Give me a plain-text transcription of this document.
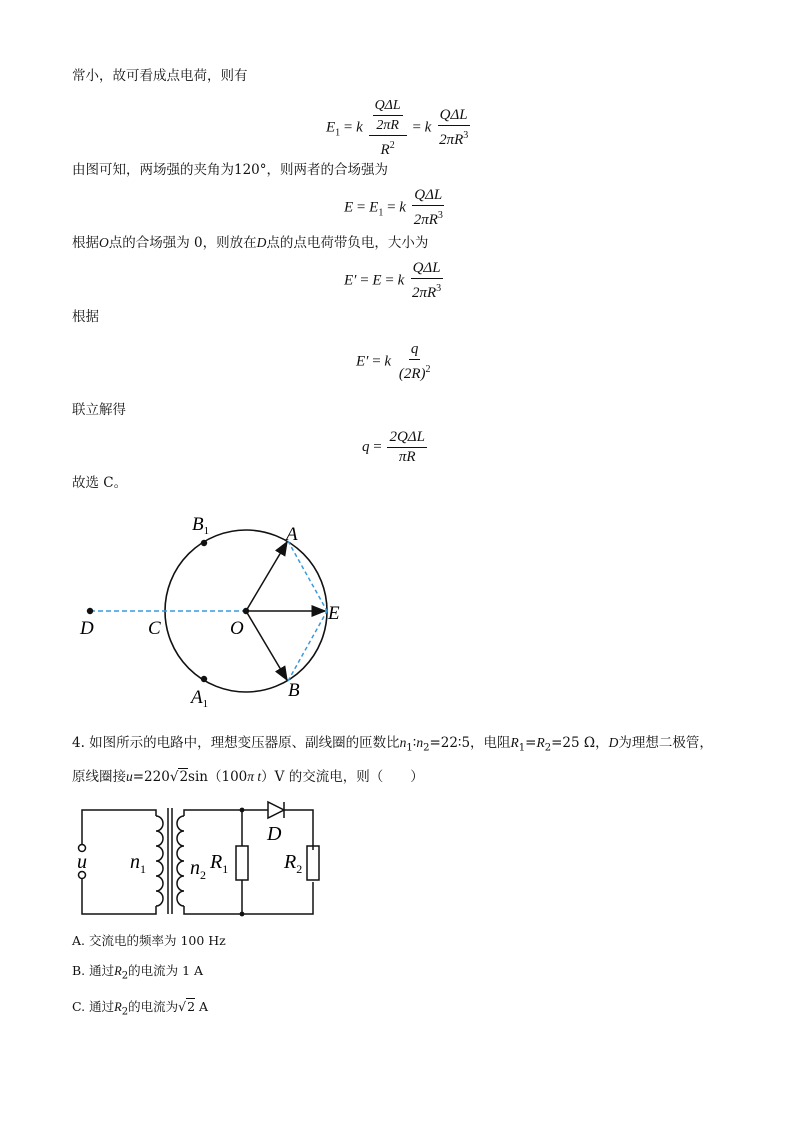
常小，故可看成点电荷，则有
$E_1 = k$
QΔL
2πR
$R^2$
= k
QΔL
$2\pi R^3$
由图可知，两场强的夹角为120°，则两者的合场强为
$E = E_1 = k$
QΔL
$2\pi R^3$
根据O点的合场强为 0，则放在D点的点电荷带负电，大小为
E′ = E = k
QΔL
$2\pi R^3$
根据
E′ = k $\frac{q}{(2R)^2}$
联立解得
q =
2QΔL
πR
故选 C。
$B_1$	A
D	C	O
E
B
$A_1$
4. 如图所示的电路中，理想变压器原、副线圈的匝数比$n_1∶n_2=22∶5$，电阻$R_1=R_2=25$ Ω，D为理想二极管，
原线圈接u=220√2sin（100π t）V 的交流电，则（　　）
u $n_1$ $n_2$
$R_1$
D
$R_2$
A. 交流电的频率为 100 Hz
B. 通过$R_2$的电流为 1 A
C. 通过$R_2$的电流为√2 A
